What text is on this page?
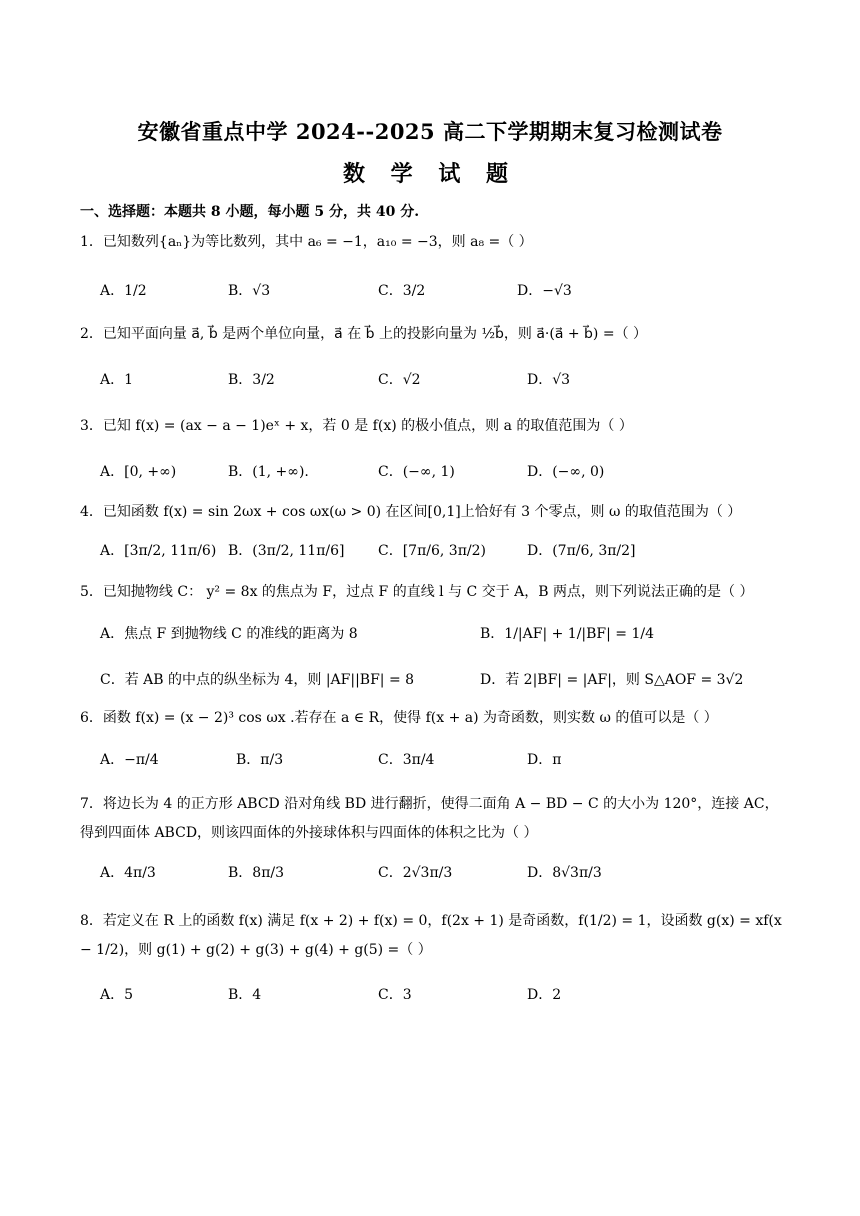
安徽省重点中学 2024--2025 高二下学期期末复习检测试卷
数 学 试 题
一、选择题：本题共 8 小题，每小题 5 分，共 40 分.
1．已知数列{aₙ}为等比数列，其中 a₆ = −1，a₁₀ = −3，则 a₈ =（ ）
A．1/2	B．√3	C．3/2	D．−√3
2．已知平面向量 a⃗, b⃗ 是两个单位向量，a⃗ 在 b⃗ 上的投影向量为 ½b⃗，则 a⃗·(a⃗ + b⃗) =（ ）
A．1	B．3/2	C．√2	D．√3
3．已知 f(x) = (ax − a − 1)eˣ + x，若 0 是 f(x) 的极小值点，则 a 的取值范围为（ ）
A．[0, +∞)	B．(1, +∞).	C．(−∞, 1)	D．(−∞, 0)
4．已知函数 f(x) = sin 2ωx + cos ωx(ω > 0) 在区间[0,1]上恰好有 3 个零点，则 ω 的取值范围为（ ）
A．[3π/2, 11π/6) B．(3π/2, 11π/6] C．[7π/6, 3π/2)	D．(7π/6, 3π/2]
5．已知抛物线 C： y² = 8x 的焦点为 F，过点 F 的直线 l 与 C 交于 A，B 两点，则下列说法正确的是（ ）
A．焦点 F 到抛物线 C 的准线的距离为 8	B．1/|AF| + 1/|BF| = 1/4
C．若 AB 的中点的纵坐标为 4，则 |AF||BF| = 8	D．若 2|BF| = |AF|，则 S△AOF = 3√2
6．函数 f(x) = (x − 2)³ cos ωx .若存在 a ∈ R，使得 f(x + a) 为奇函数，则实数 ω 的值可以是（ ）
A．−π/4	B．π/3	C．3π/4	D．π
7．将边长为 4 的正方形 ABCD 沿对角线 BD 进行翻折，使得二面角 A − BD − C 的大小为 120°，连接 AC，得到四面体 ABCD，则该四面体的外接球体积与四面体的体积之比为（ ）
A．4π/3	B．8π/3	C．2√3π/3	D．8√3π/3
8．若定义在 R 上的函数 f(x) 满足 f(x + 2) + f(x) = 0，f(2x + 1) 是奇函数，f(1/2) = 1，设函数 g(x) = xf(x − 1/2)，则 g(1) + g(2) + g(3) + g(4) + g(5) =（ ）
A．5	B．4	C．3	D．2
